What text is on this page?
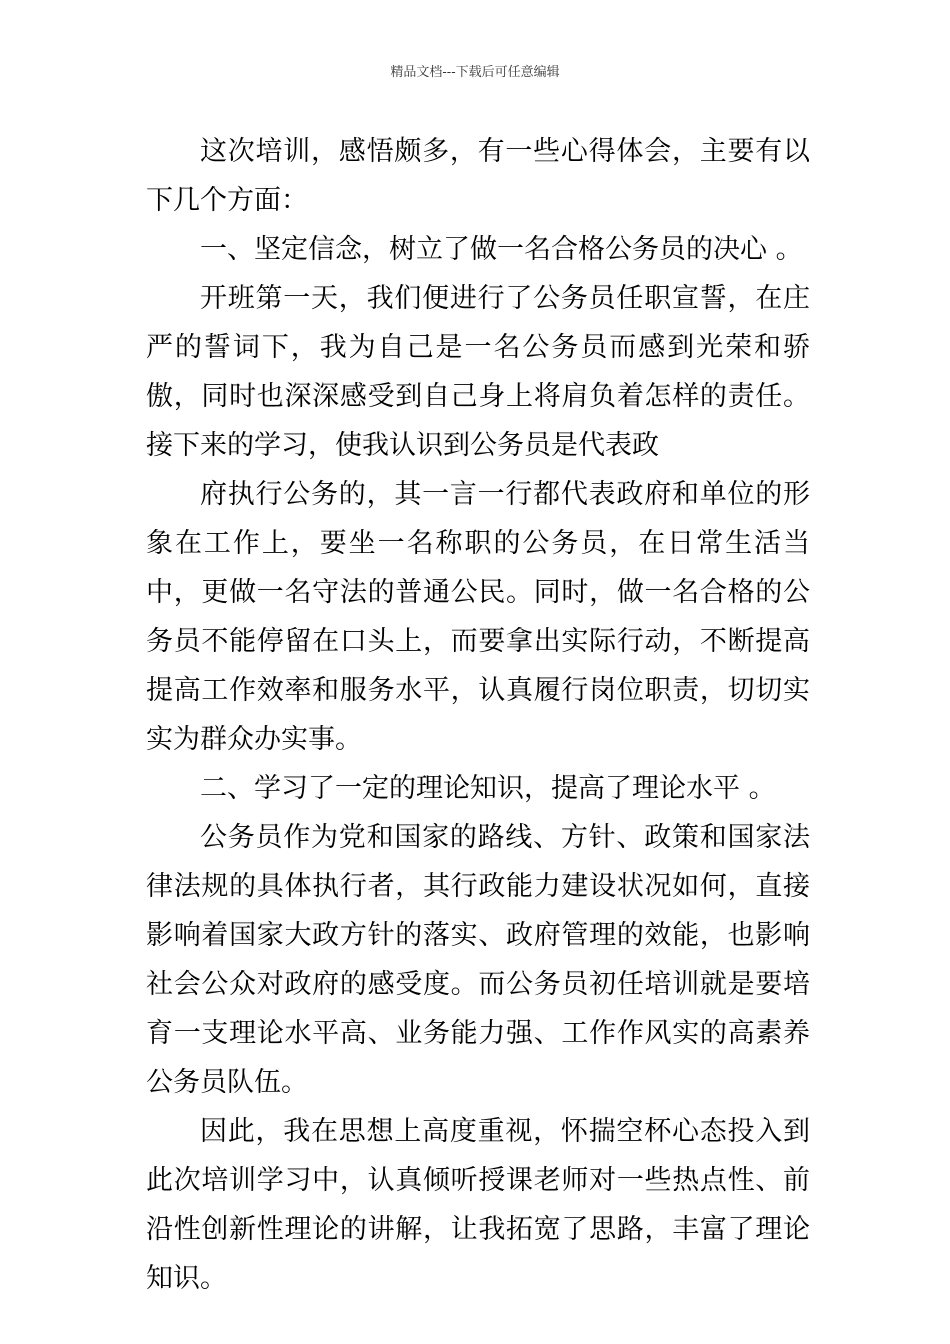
精品文档---下载后可任意编辑

这次培训，感悟颇多，有一些心得体会，主要有以下几个方面：

一、坚定信念，树立了做一名合格公务员的决心 。

开班第一天，我们便进行了公务员任职宣誓，在庄严的誓词下，我为自己是一名公务员而感到光荣和骄傲，同时也深深感受到自己身上将肩负着怎样的责任。接下来的学习，使我认识到公务员是代表政

府执行公务的，其一言一行都代表政府和单位的形象在工作上，要坐一名称职的公务员，在日常生活当中，更做一名守法的普通公民。同时，做一名合格的公务员不能停留在口头上，而要拿出实际行动，不断提高提高工作效率和服务水平，认真履行岗位职责，切切实实为群众办实事。

二、学习了一定的理论知识，提高了理论水平 。

公务员作为党和国家的路线、方针、政策和国家法律法规的具体执行者，其行政能力建设状况如何，直接影响着国家大政方针的落实、政府管理的效能，也影响社会公众对政府的感受度。而公务员初任培训就是要培育一支理论水平高、业务能力强、工作作风实的高素养公务员队伍。

因此，我在思想上高度重视，怀揣空杯心态投入到此次培训学习中，认真倾听授课老师对一些热点性、前沿性创新性理论的讲解，让我拓宽了思路，丰富了理论知识。
